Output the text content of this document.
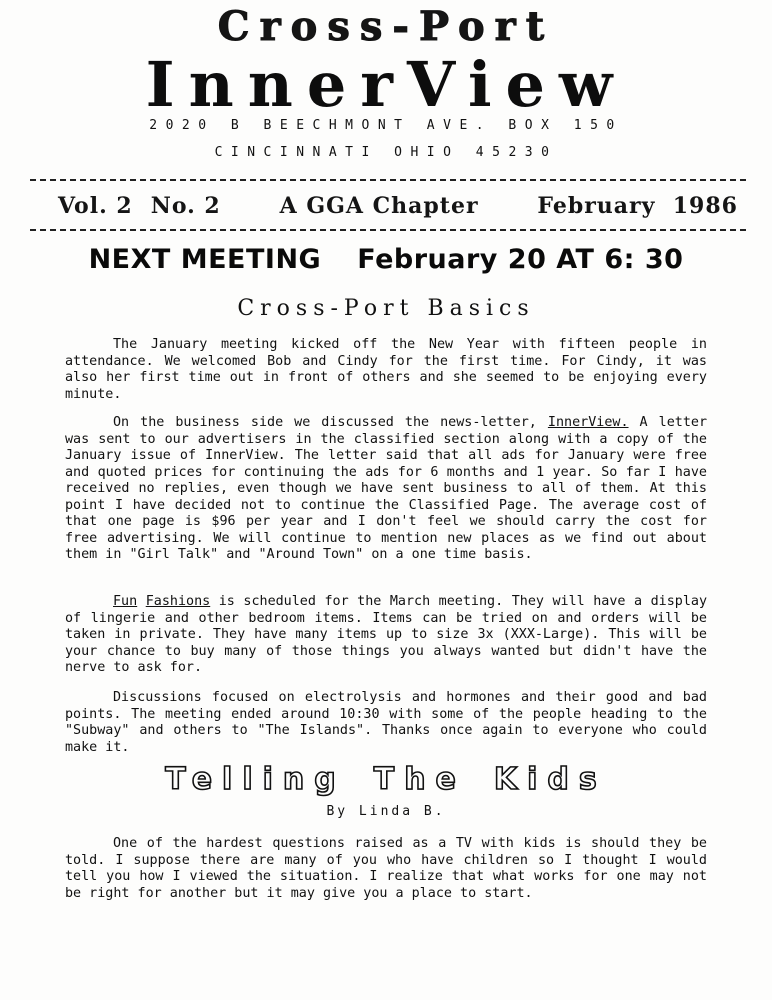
Cross-Port
InnerView
2020 B BEECHMONT AVE. BOX 150
CINCINNATI OHIO 45230
Vol. 2 No. 2	A GGA Chapter	February 1986
NEXT MEETING February 20 AT 6: 30
Cross-Port Basics

The January meeting kicked off the New Year with fifteen people in attendance. We welcomed Bob and Cindy for the first time. For Cindy, it was also her first time out in front of others and she seemed to be enjoying every minute.

On the business side we discussed the news-letter, InnerView. A letter was sent to our advertisers in the classified section along with a copy of the January issue of InnerView. The letter said that all ads for January were free and quoted prices for continuing the ads for 6 months and 1 year. So far I have received no replies, even though we have sent business to all of them. At this point I have decided not to continue the Classified Page. The average cost of that one page is $96 per year and I don't feel we should carry the cost for free advertising. We will continue to mention new places as we find out about them in "Girl Talk" and "Around Town" on a one time basis.

Fun Fashions is scheduled for the March meeting. They will have a display of lingerie and other bedroom items. Items can be tried on and orders will be taken in private. They have many items up to size 3x (XXX-Large). This will be your chance to buy many of those things you always wanted but didn't have the nerve to ask for.

Discussions focused on electrolysis and hormones and their good and bad points. The meeting ended around 10:30 with some of the people heading to the "Subway" and others to "The Islands". Thanks once again to everyone who could make it.

Telling The Kids
By Linda B.

One of the hardest questions raised as a TV with kids is should they be told. I suppose there are many of you who have children so I thought I would tell you how I viewed the situation. I realize that what works for one may not be right for another but it may give you a place to start.
